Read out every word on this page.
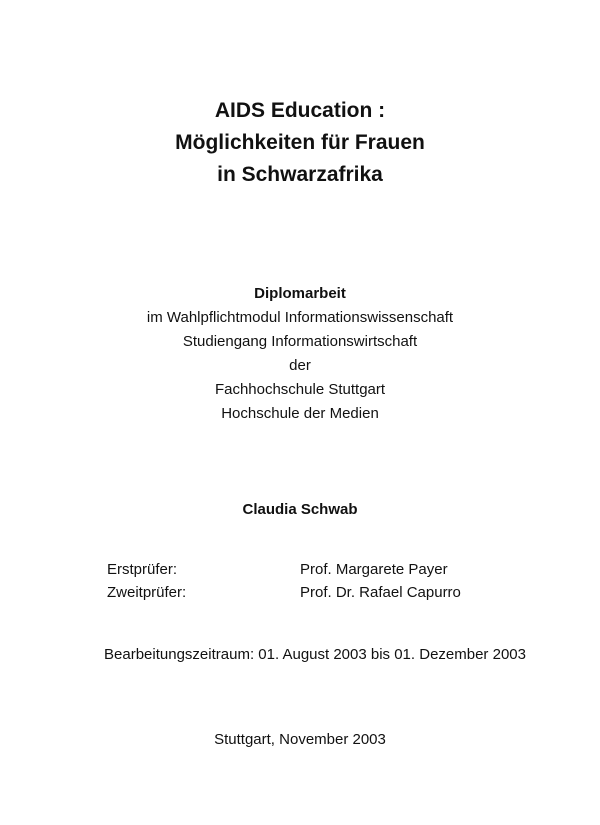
AIDS Education :
Möglichkeiten für Frauen
in Schwarzafrika
Diplomarbeit
im Wahlpflichtmodul Informationswissenschaft
Studiengang Informationswirtschaft
der
Fachhochschule Stuttgart
Hochschule der Medien
Claudia Schwab
Erstprüfer:	Prof. Margarete Payer
Zweitprüfer:	Prof. Dr. Rafael Capurro
Bearbeitungszeitraum: 01. August 2003 bis 01. Dezember 2003
Stuttgart, November 2003
